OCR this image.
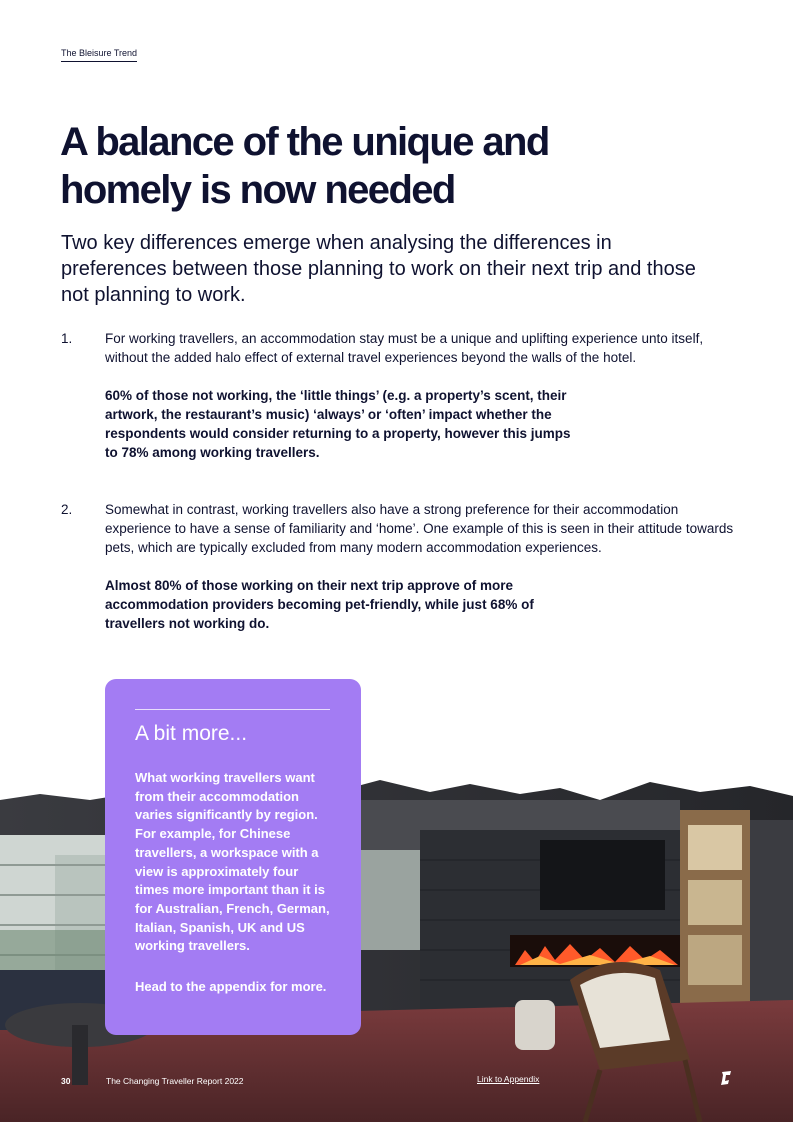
The Bleisure Trend
A balance of the unique and
homely is now needed

Two key differences emerge when analysing the differences in preferences between those planning to work on their next trip and those not planning to work.

1. For working travellers, an accommodation stay must be a unique and uplifting experience unto itself, without the added halo effect of external travel experiences beyond the walls of the hotel.

60% of those not working, the ‘little things’ (e.g. a property’s scent, their artwork, the restaurant’s music) ‘always’ or ‘often’ impact whether the respondents would consider returning to a property, however this jumps to 78% among working travellers.

2. Somewhat in contrast, working travellers also have a strong preference for their accommodation experience to have a sense of familiarity and ‘home’. One example of this is seen in their attitude towards pets, which are typically excluded from many modern accommodation experiences.

Almost 80% of those working on their next trip approve of more accommodation providers becoming pet-friendly, while just 68% of travellers not working do.

A bit more...

What working travellers want from their accommodation varies significantly by region. For example, for Chinese travellers, a workspace with a view is approximately four times more important than it is for Australian, French, German, Italian, Spanish, UK and US working travellers.

Head to the appendix for more.

30	The Changing Traveller Report 2022	Link to Appendix
